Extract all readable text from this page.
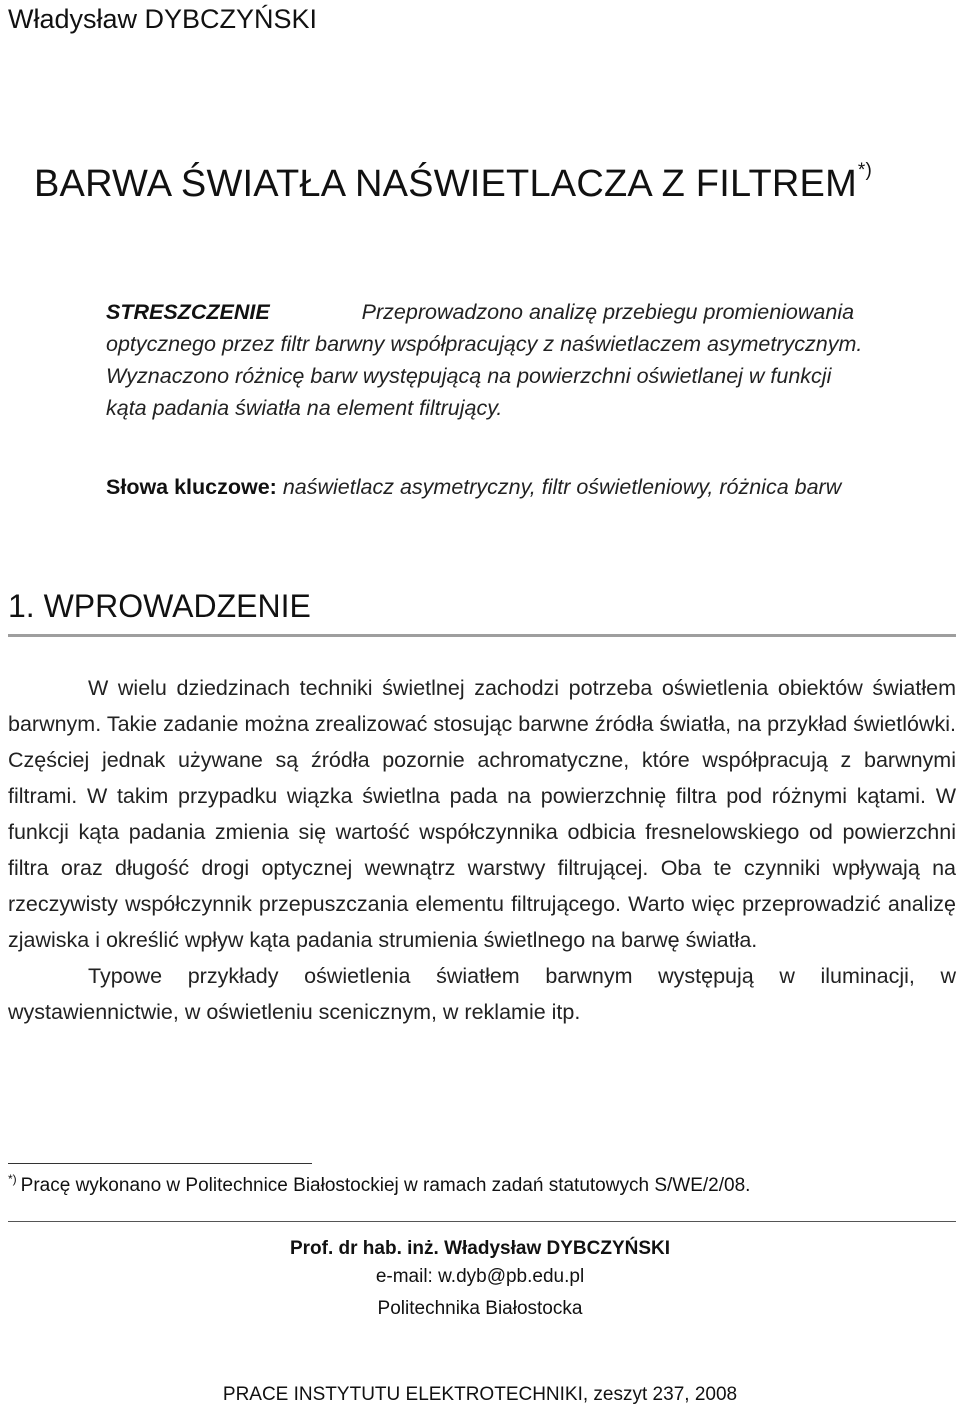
Władysław DYBCZYŃSKI
BARWA ŚWIATŁA NAŚWIETLACZA Z FILTREM*)
STRESZCZENIE	Przeprowadzono analizę przebiegu promieniowania optycznego przez filtr barwny współpracujący z naświetlaczem asymetrycznym. Wyznaczono różnicę barw występującą na powierzchni oświetlanej w funkcji kąta padania światła na element filtrujący.
Słowa kluczowe: naświetlacz asymetryczny, filtr oświetleniowy, różnica barw
1. WPROWADZENIE

W wielu dziedzinach techniki świetlnej zachodzi potrzeba oświetlenia obiektów światłem barwnym. Takie zadanie można zrealizować stosując barwne źródła światła, na przykład świetlówki. Częściej jednak używane są źródła pozornie achromatyczne, które współpracują z barwnymi filtrami. W takim przypadku wiązka świetlna pada na powierzchnię filtra pod różnymi kątami. W funkcji kąta padania zmienia się wartość współczynnika odbicia fresnelowskiego od powierzchni filtra oraz długość drogi optycznej wewnątrz warstwy filtrującej. Oba te czynniki wpływają na rzeczywisty współczynnik przepuszczania elementu filtrującego. Warto więc przeprowadzić analizę zjawiska i określić wpływ kąta padania strumienia świetlnego na barwę światła.

Typowe przykłady oświetlenia światłem barwnym występują w iluminacji, w wystawiennictwie, w oświetleniu scenicznym, w reklamie itp.

*) Pracę wykonano w Politechnice Białostockiej w ramach zadań statutowych S/WE/2/08.
Prof. dr hab. inż. Władysław DYBCZYŃSKI
e-mail: w.dyb@pb.edu.pl
Politechnika Białostocka
PRACE INSTYTUTU ELEKTROTECHNIKI, zeszyt 237, 2008
